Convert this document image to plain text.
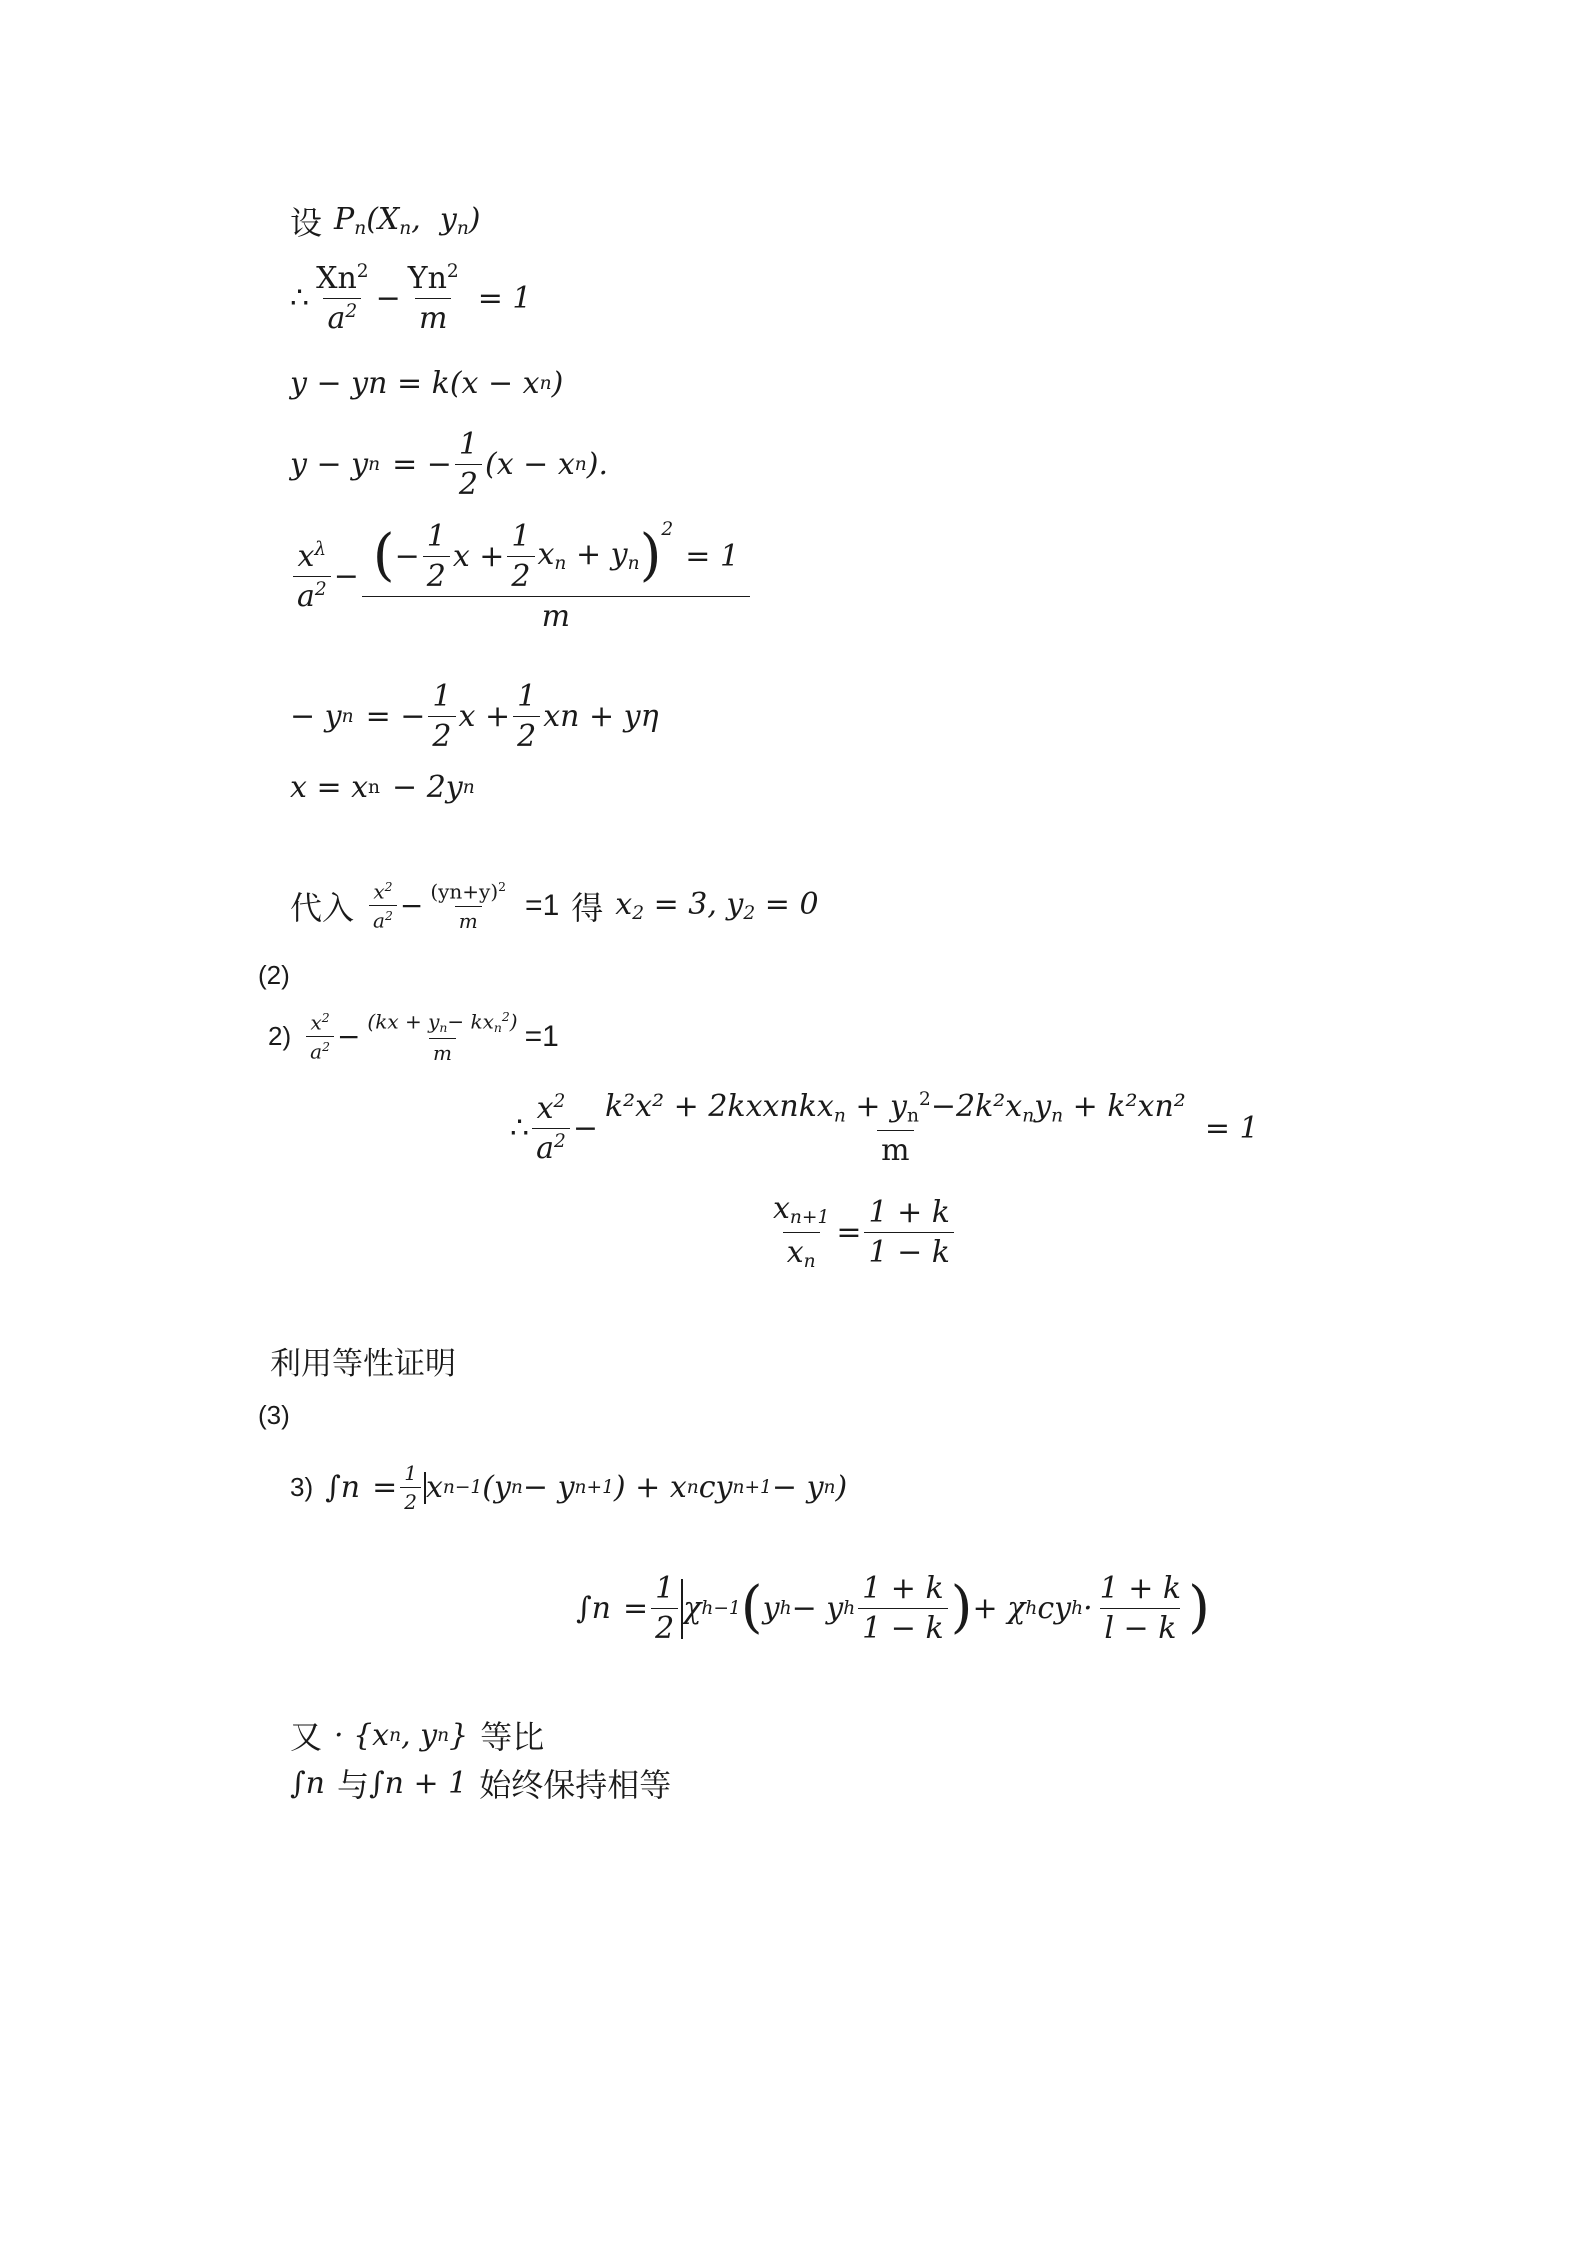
设 $P_n$ ($X_n$,  $y_n$)
∴ $\frac{Xn^2}{a^2} - \frac{Yn^2}{m} = 1$
y − yn = k(x − x n )
y − y n = − $\frac{1}{2} (x - x$ n ).
$\frac{x^\lambda}{a^2}$ − ( − $\frac{1}{2}$ $x + \frac{1}{2} x_n + y_n$ )$^2$
= 1
m
− y n = − $\frac{1}{2}$ $x + \frac{1}{2}$ xn + yη
x = x n − 2y n
代入 $\frac{x^2}{a^2} - \frac{(yn+y)^2}{m} =1$ 得 $x_2 = 3$, $y_2 = 0$
(2)
$2) \frac{x^2}{a^2} - \frac{(kx + y_n- kx_n^2)}{m} =1$
∴ $\frac{x^2}{a^2} - \frac{k^2x^2 + 2kxxnkx_n + y_n^2-2k^2x_ny_n + k^2xn^2}{m} = 1$
$\frac{x_{n+1}}{x_n} = \frac{1 + k}{1 - k}$
利用等性证明
(3)
3) $\int n = \frac{1}{2}$ x n−1 (y n − y n+1 ) + x n cy n+1 − y n )
$\int n = \frac{1}{2}$ χ h−1 ( y h − y h $\frac{1 + k}{1 - k}$ ) + χ h cy $h \cdot \frac{1 + k}{l - k}$ )
又 · {x n , y n } 等比
∫n 与 ∫n + 1 始终保持相等
